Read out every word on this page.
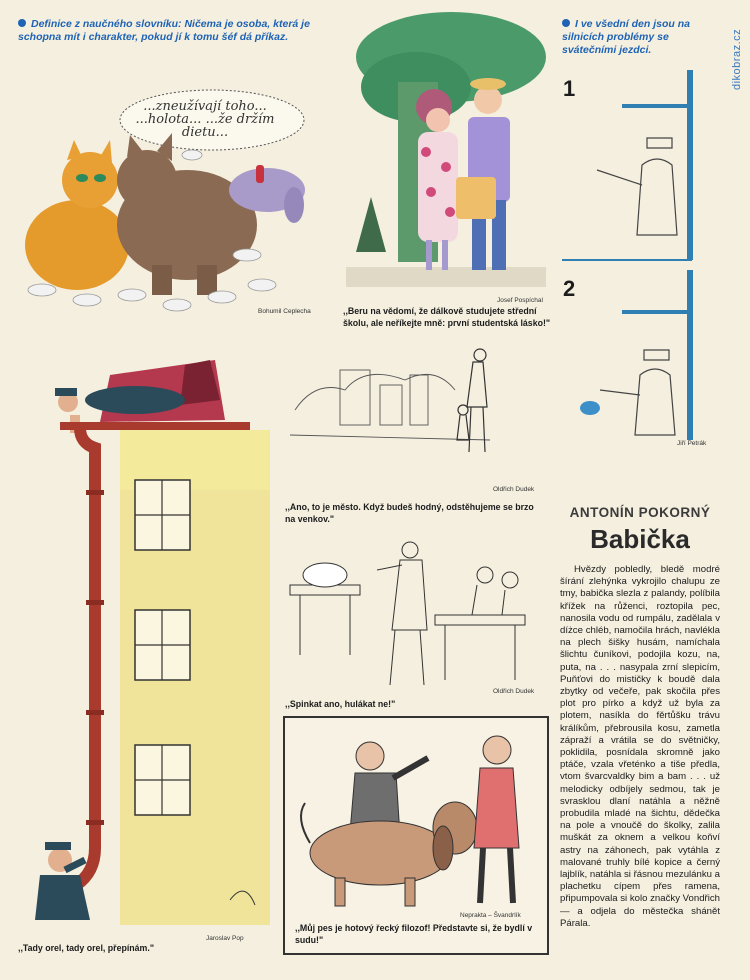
dikobraz.cz
Definice z naučného slovníku: Ničema je osoba, která je schopna mít i charakter, pokud jí k tomu šéf dá příkaz.
...zneužívají toho... ...holota... ...že držím dietu...
Bohumil Ceplecha
Josef Pospíchal
,,Beru na vědomí, že dálkově studujete střední školu, ale neříkejte mně: první studentská lásko!"
I ve všední den jsou na silnicích problémy se svátečními jezdci.
1
2
Jiří Petrák
Oldřich Dudek
,,Ano, to je město. Když budeš hodný, odstěhujeme se brzo na venkov."
Oldřich Dudek
,,Spinkat ano, hulákat ne!"
Neprakta – Švandrlík
,,Můj pes je hotový řecký filozof! Představte si, že bydlí v sudu!"
Jaroslav Pop
,,Tady orel, tady orel, přepínám."
ANTONÍN POKORNÝ
Babička
Hvězdy pobledly, bledě modré šírání zlehýnka vykrojilo chalupu ze tmy, babička slezla z palandy, políbila křížek na růženci, roztopila pec, nanosila vodu od rumpálu, zadělala v díżce chléb, namočila hrách, navlékla na plech šišky husám, namíchala šlichtu čuníkovi, podojila kozu, na, puta, na . . . nasypala zrní slepicím, Puňťovi do mističky k boudě dala zbytky od večeře, pak skočila přes plot pro pírko a když už byla za plotem, nasíkla do fěrtůšku trávu králíkům, přebrousila kosu, zametla zápraží a vrátila se do světničky, poklidila, posnídala skromně jako ptáče, vzala vřeténko a tiše předla, vtom švarcvaldky bim a bam . . . už melodicky odbíjely sedmou, tak je svrasklou dlaní natáhla a něžně probudila mladé na šichtu, dědečka na pole a vnoučě do školky, zalila muškát za oknem a velkou koňví astry na záhonech, pak vytáhla z malované truhly bílé kopice a černý lajblík, natáhla si řásnou mezulánku a plachetku cípem přes ramena, připumpovala si kolo značky Vondřich — a odjela do městečka shánět Párala.
